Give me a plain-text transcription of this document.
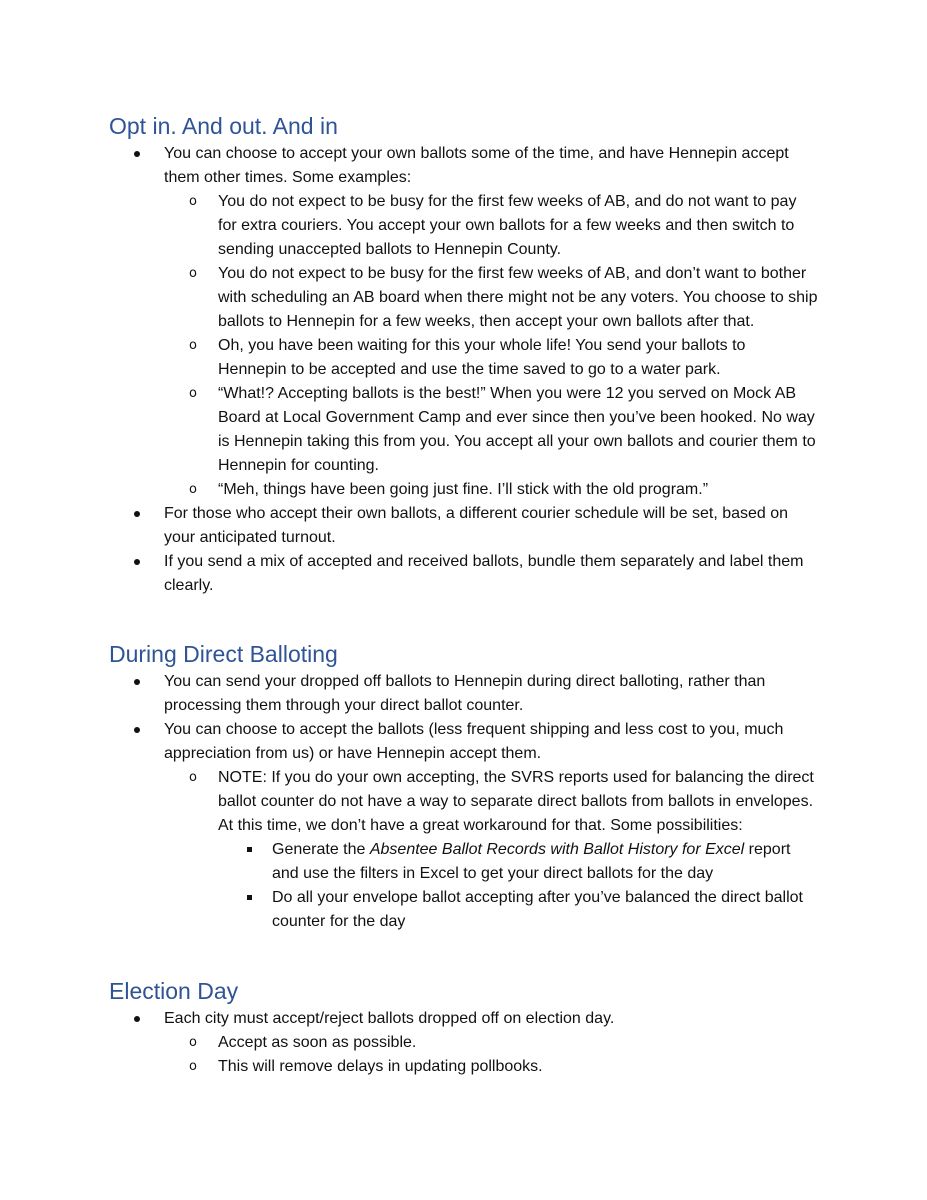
Opt in. And out. And in
You can choose to accept your own ballots some of the time, and have Hennepin accept them other times. Some examples:
o You do not expect to be busy for the first few weeks of AB, and do not want to pay for extra couriers. You accept your own ballots for a few weeks and then switch to sending unaccepted ballots to Hennepin County.
o You do not expect to be busy for the first few weeks of AB, and don’t want to bother with scheduling an AB board when there might not be any voters. You choose to ship ballots to Hennepin for a few weeks, then accept your own ballots after that.
o Oh, you have been waiting for this your whole life! You send your ballots to Hennepin to be accepted and use the time saved to go to a water park.
o “What!? Accepting ballots is the best!” When you were 12 you served on Mock AB Board at Local Government Camp and ever since then you’ve been hooked. No way is Hennepin taking this from you. You accept all your own ballots and courier them to Hennepin for counting.
o “Meh, things have been going just fine. I’ll stick with the old program.”
For those who accept their own ballots, a different courier schedule will be set, based on your anticipated turnout.
If you send a mix of accepted and received ballots, bundle them separately and label them clearly.
During Direct Balloting
You can send your dropped off ballots to Hennepin during direct balloting, rather than processing them through your direct ballot counter.
You can choose to accept the ballots (less frequent shipping and less cost to you, much appreciation from us) or have Hennepin accept them.
o NOTE: If you do your own accepting, the SVRS reports used for balancing the direct ballot counter do not have a way to separate direct ballots from ballots in envelopes. At this time, we don’t have a great workaround for that. Some possibilities:
Generate the Absentee Ballot Records with Ballot History for Excel report and use the filters in Excel to get your direct ballots for the day
Do all your envelope ballot accepting after you’ve balanced the direct ballot counter for the day
Election Day
Each city must accept/reject ballots dropped off on election day.
o Accept as soon as possible.
o This will remove delays in updating pollbooks.
